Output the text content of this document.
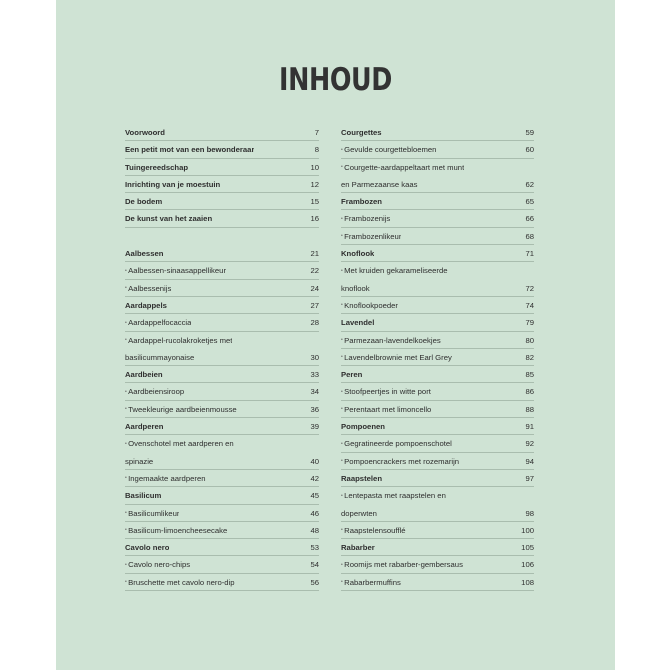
INHOUD
Voorwoord	7
Een petit mot van een bewonderaar	8
Tuingereedschap	10
Inrichting van je moestuin	12
De bodem	15
De kunst van het zaaien	16
Aalbessen	21
• Aalbessen-sinaasappellikeur	22
• Aalbessenijs	24
Aardappels	27
• Aardappelfocaccia	28
• Aardappel-rucolakroketjes met
basilicummayonaise	30
Aardbeien	33
• Aardbeiensiroop	34
• Tweekleurige aardbeienmousse	36
Aardperen	39
• Ovenschotel met aardperen en
spinazie	40
• Ingemaakte aardperen	42
Basilicum	45
• Basilicumlikeur	46
• Basilicum-limoencheesecake	48
Cavolo nero	53
• Cavolo nero-chips	54
• Bruschette met cavolo nero-dip	56
Courgettes	59
• Gevulde courgettebloemen	60
• Courgette-aardappeltaart met munt
en Parmezaanse kaas	62
Frambozen	65
• Frambozenijs	66
• Frambozenlikeur	68
Knoflook	71
• Met kruiden gekarameliseerde
knoflook	72
• Knoflookpoeder	74
Lavendel	79
• Parmezaan-lavendelkoekjes	80
• Lavendelbrownie met Earl Grey	82
Peren	85
• Stoofpeertjes in witte port	86
• Perentaart met limoncello	88
Pompoenen	91
• Gegratineerde pompoenschotel	92
• Pompoencrackers met rozemarijn	94
Raapstelen	97
• Lentepasta met raapstelen en
doperwten	98
• Raapstelensoufflé	100
Rabarber	105
• Roomijs met rabarber-gembersaus	106
• Rabarbermuffins	108
